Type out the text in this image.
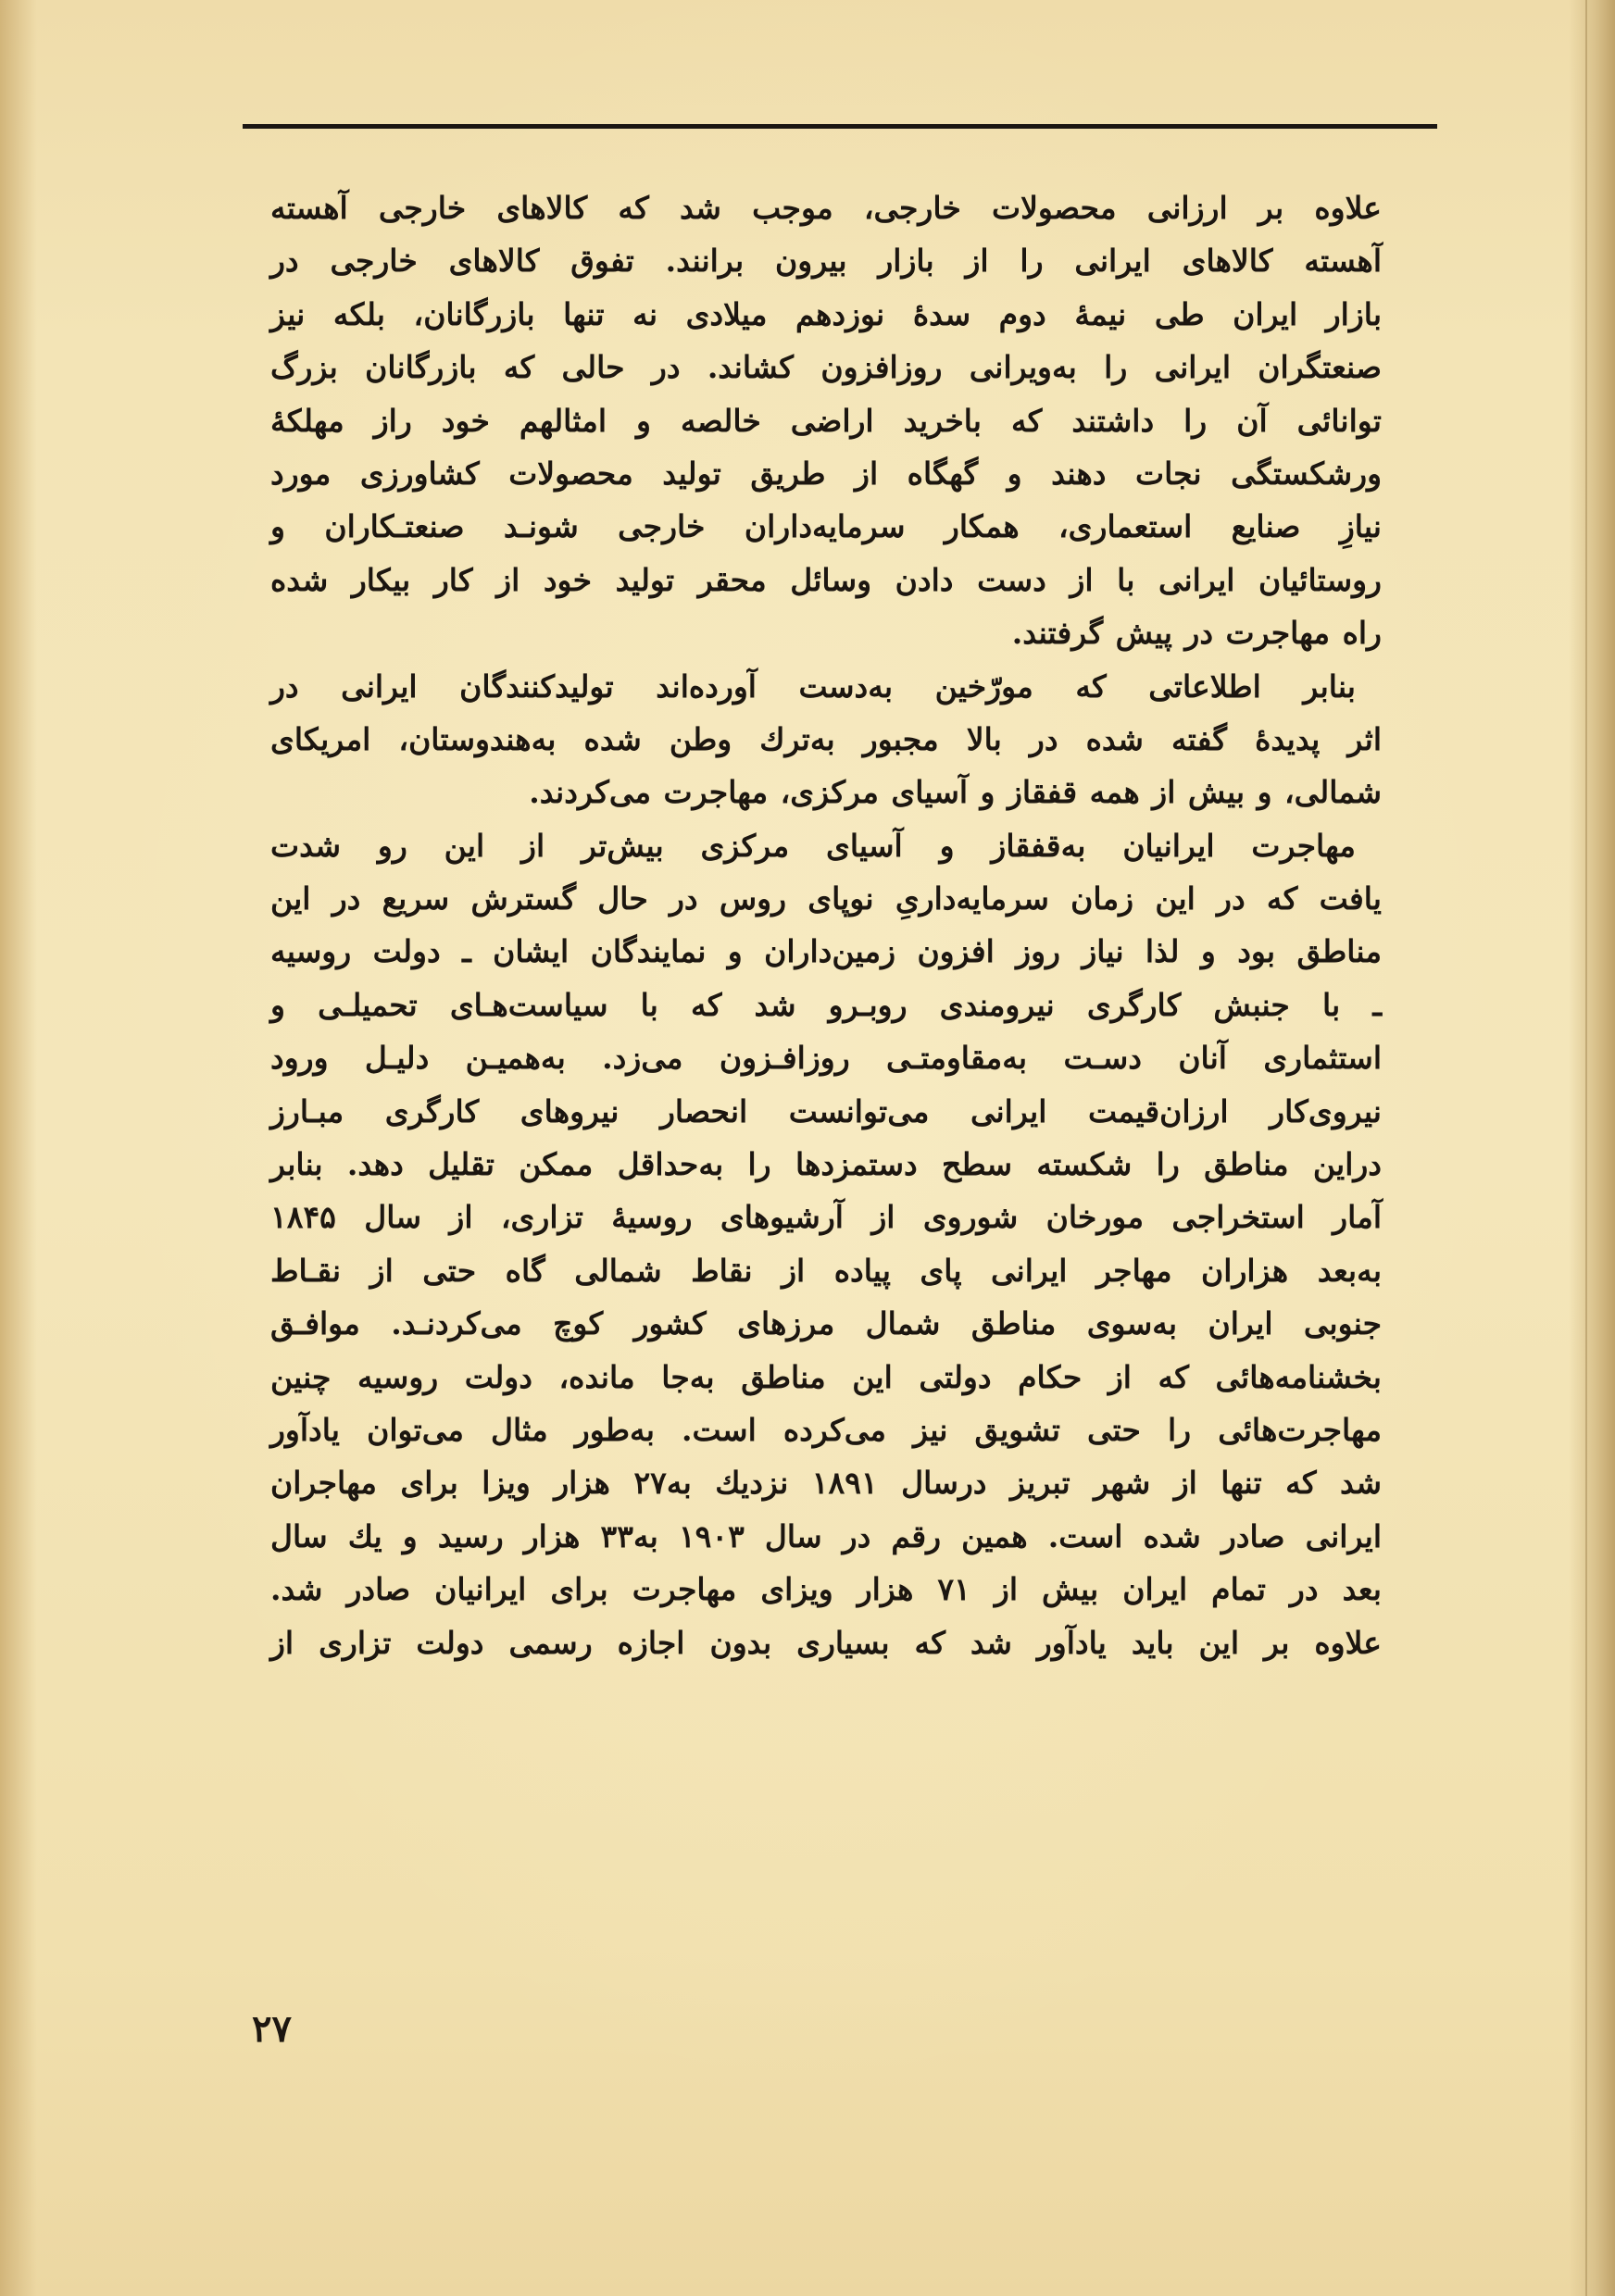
علاوه بر ارزانی محصولات خارجی، موجب شد که کالاهای خارجی آهسته
آهسته کالاهای ایرانی را از بازار بیرون برانند. تفوق کالاهای خارجی در
بازار ایران طی نیمهٔ دوم سدهٔ نوزدهم میلادی نه تنها بازرگانان، بلکه نیز
صنعتگران ایرانی را به‌ویرانی روزافزون کشاند. در حالی که بازرگانان بزرگ
توانائی آن را داشتند که باخرید اراضی خالصه و امثالهم خود راز مهلکهٔ
ورشکستگی نجات دهند و گهگاه از طریق تولید محصولات کشاورزی مورد
نیازِ صنایع استعماری، همکار سرمایه‌داران خارجی شونـد صنعتـکاران و
روستائیان ایرانی با از دست دادن وسائل محقر تولید خود از کار بیکار شده
راه مهاجرت در پیش گرفتند.

بنابر اطلاعاتی که مورّخین به‌دست آورده‌اند تولیدکنندگان ایرانی در
اثر پدیدهٔ گفته شده در بالا مجبور به‌ترك وطن شده به‌هندوستان، امریکای
شمالی، و بیش از همه قفقاز و آسیای مرکزی، مهاجرت می‌کردند.

مهاجرت ایرانیان به‌قفقاز و آسیای مرکزی بیش‌تر از این رو شدت
یافت که در این زمان سرمایه‌داریِ نوپای روس در حال گسترش سریع در این
مناطق بود و لذا نیاز روز افزون زمین‌داران و نمایندگان ایشان ـ دولت روسیه
ـ با جنبش کارگری نیرومندی روبـرو شد که با سیاست‌هـای تحمیلـی و
استثماری آنان دسـت به‌مقاومتـی روزافـزون می‌زد. به‌همیـن دلیـل ورود
نیروی‌کار ارزان‌قیمت ایرانی می‌توانست انحصار نیروهای کارگری مبـارز
دراین مناطق را شکسته سطح دستمزدها را به‌حداقل ممکن تقلیل دهد. بنابر
آمار استخراجی مورخان شوروی از آرشیوهای روسیهٔ تزاری، از سال ۱۸۴۵
به‌بعد هزاران مهاجر ایرانی پای پیاده از نقاط شمالی گاه حتی از نقـاط
جنوبی ایران به‌سوی مناطق شمال مرزهای کشور کوچ می‌کردنـد. موافـق
بخشنامه‌هائی که از حکام دولتی این مناطق به‌جا مانده، دولت روسیه چنین
مهاجرت‌هائی را حتی تشویق نیز می‌کرده است. به‌طور مثال می‌توان یادآور
شد که تنها از شهر تبریز درسال ۱۸۹۱ نزدیك به‌۲۷ هزار ویزا برای مهاجران
ایرانی صادر شده است. همین رقم در سال ۱۹۰۳ به‌۳۳ هزار رسید و یك سال
بعد در تمام ایران بیش از ۷۱ هزار ویزای مهاجرت برای ایرانیان صادر شد.
علاوه بر این باید یادآور شد که بسیاری بدون اجازه رسمی دولت تزاری از

۲۷
